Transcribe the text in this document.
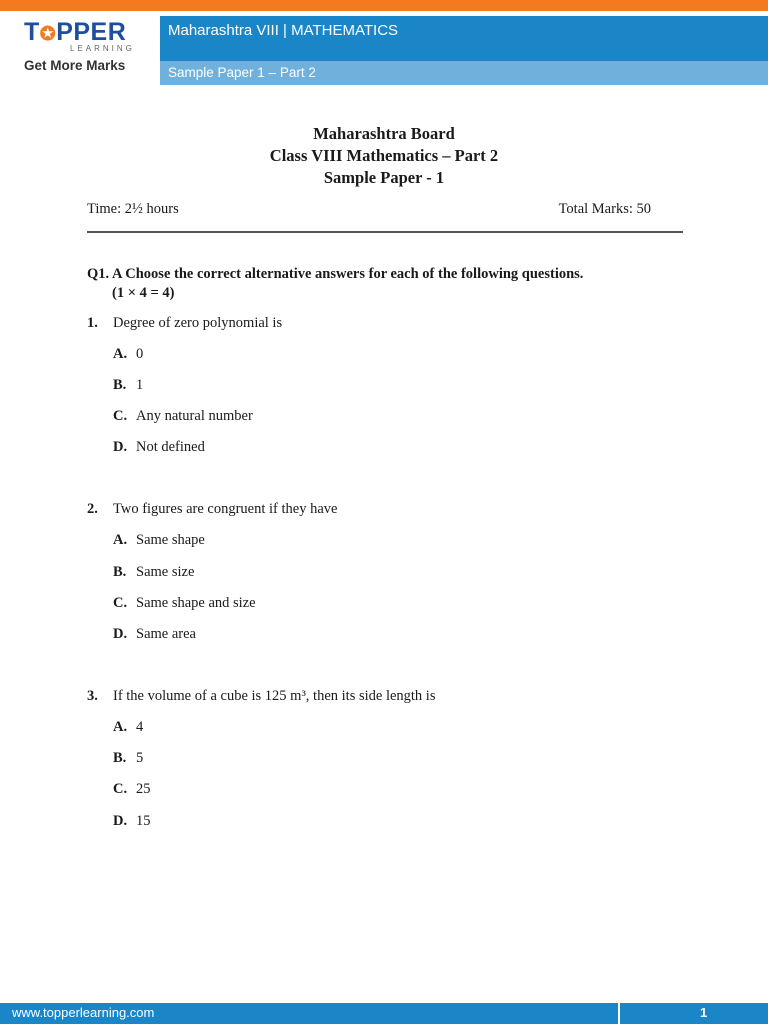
T✪PPER
LEARNING
Get More Marks
Maharashtra VIII | MATHEMATICS
Sample Paper 1 – Part 2
Maharashtra Board
Class VIII Mathematics – Part 2
Sample Paper - 1
Time: 2½ hours	Total Marks: 50
Q1. A Choose the correct alternative answers for each of the following questions.
(1 × 4 = 4)
1. Degree of zero polynomial is
A. 0
B. 1
C. Any natural number
D. Not defined
2. Two figures are congruent if they have
A. Same shape
B. Same size
C. Same shape and size
D. Same area
3. If the volume of a cube is 125 m³, then its side length is
A. 4
B. 5
C. 25
D. 15
www.topperlearning.com	1
